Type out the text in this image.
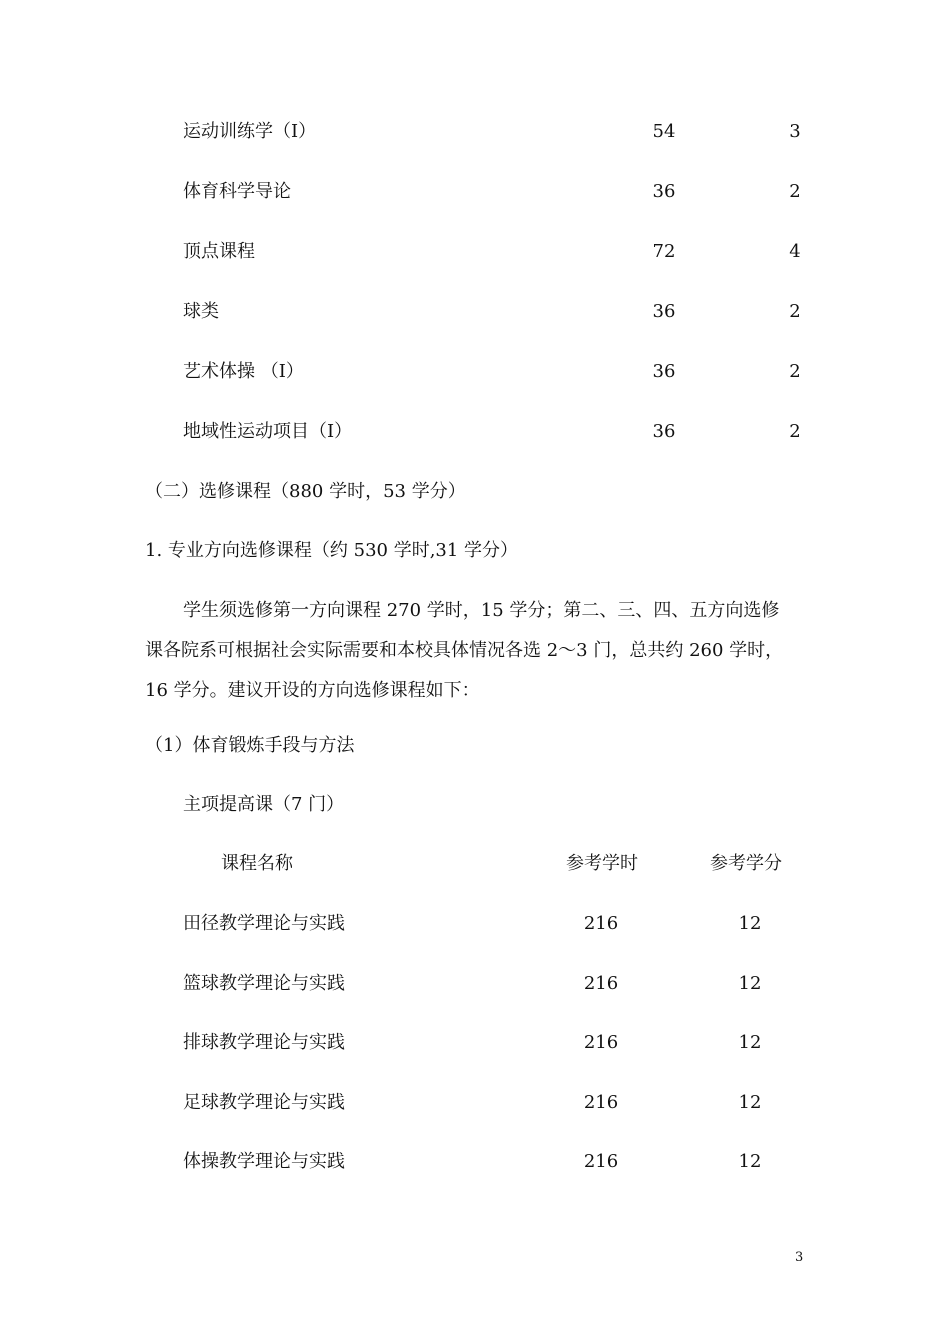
运动训练学（Ⅰ）	54	3
体育科学导论	36	2
顶点课程	72	4
球类	36	2
艺术体操 （Ⅰ）	36	2
地域性运动项目（Ⅰ）	36	2
（二）选修课程（880 学时，53 学分）
1. 专业方向选修课程（约 530 学时,31 学分）
学生须选修第一方向课程 270 学时，15 学分；第二、三、四、五方向选修
课各院系可根据社会实际需要和本校具体情况各选 2～3 门，总共约 260 学时，
16 学分。建议开设的方向选修课程如下：
（1）体育锻炼手段与方法
主项提高课（7 门）
课程名称	参考学时	参考学分
田径教学理论与实践	216	12
篮球教学理论与实践	216	12
排球教学理论与实践	216	12
足球教学理论与实践	216	12
体操教学理论与实践	216	12
3
